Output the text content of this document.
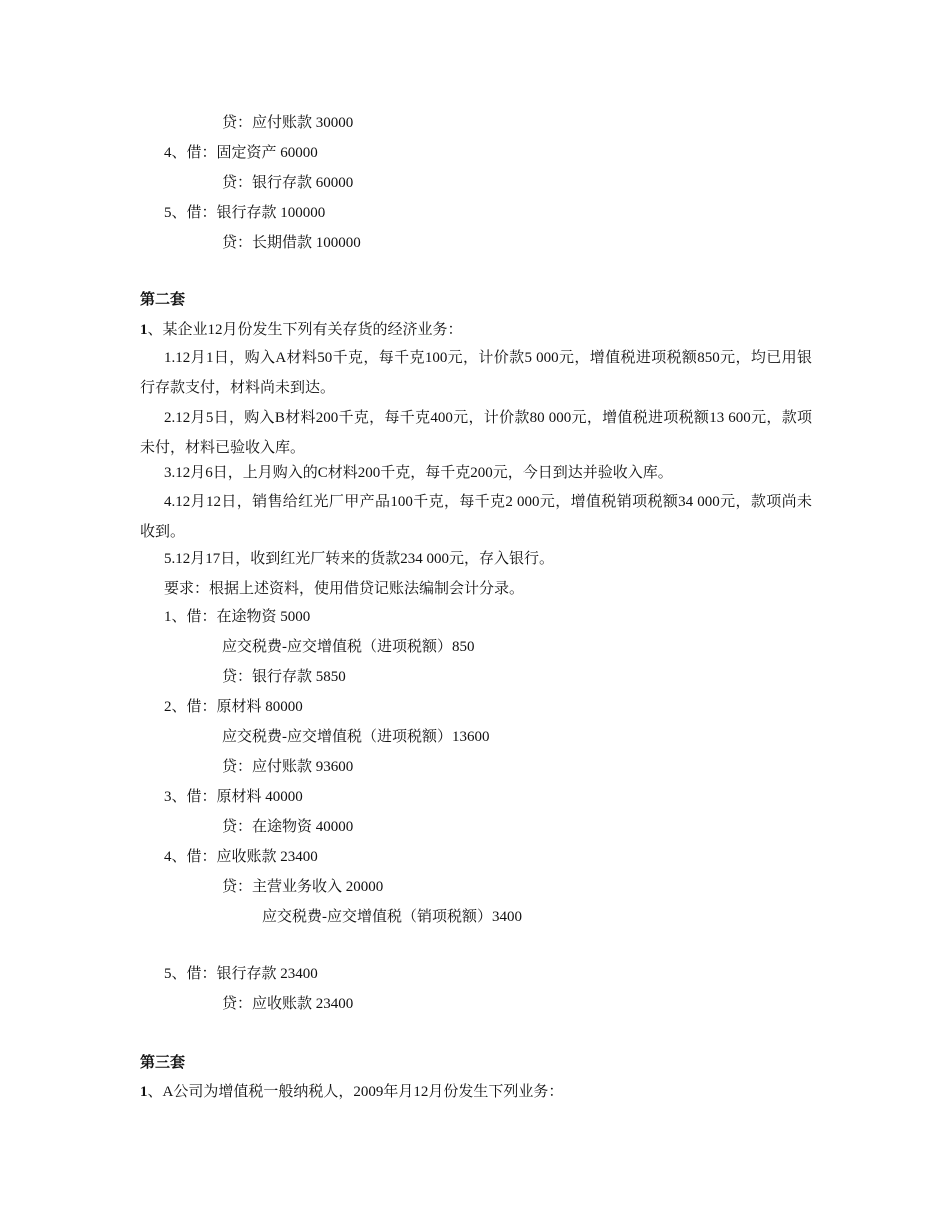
贷：应付账款 30000
4、借：固定资产 60000
贷：银行存款 60000
5、借：银行存款 100000
贷：长期借款 100000
第二套
1、某企业12月份发生下列有关存货的经济业务：
1.12月1日，购入A材料50千克，每千克100元，计价款5 000元，增值税进项税额850元，均已用银行存款支付，材料尚未到达。
2.12月5日，购入B材料200千克，每千克400元，计价款80 000元，增值税进项税额13 600元，款项未付，材料已验收入库。
3.12月6日，上月购入的C材料200千克，每千克200元，今日到达并验收入库。
4.12月12日，销售给红光厂甲产品100千克，每千克2 000元，增值税销项税额34 000元，款项尚未收到。
5.12月17日，收到红光厂转来的货款234 000元，存入银行。
要求：根据上述资料，使用借贷记账法编制会计分录。
1、借：在途物资 5000
应交税费-应交增值税（进项税额）850
贷：银行存款 5850
2、借：原材料 80000
应交税费-应交增值税（进项税额）13600
贷：应付账款 93600
3、借：原材料 40000
贷：在途物资 40000
4、借：应收账款 23400
贷：主营业务收入 20000
应交税费-应交增值税（销项税额）3400
5、借：银行存款 23400
贷：应收账款 23400
第三套
1、A公司为增值税一般纳税人，2009年月12月份发生下列业务：
